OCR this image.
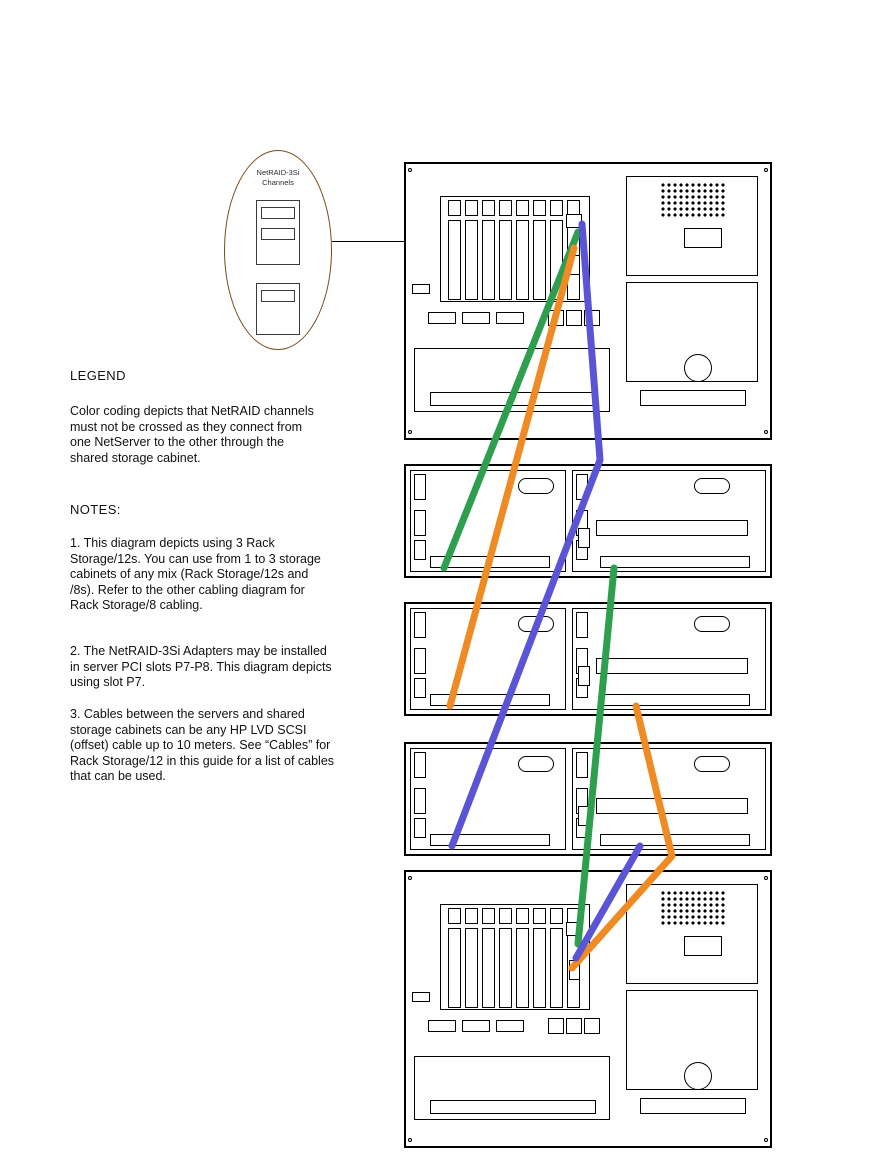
NetRAID-3Si
Channels
LEGEND
Color coding depicts that NetRAID channels must not be crossed as they connect from one NetServer to the other through the shared storage cabinet.
NOTES:
1. This diagram depicts using 3 Rack Storage/12s. You can use from 1 to 3 storage cabinets of any mix (Rack Storage/12s and /8s). Refer to the other cabling diagram for Rack Storage/8 cabling.
2. The NetRAID-3Si Adapters may be installed in server PCI slots P7-P8. This diagram depicts using slot P7.
3. Cables between the servers and shared storage cabinets can be any HP LVD SCSI (offset) cable up to 10 meters. See “Cables” for Rack Storage/12 in this guide for a list of cables that can be used.
